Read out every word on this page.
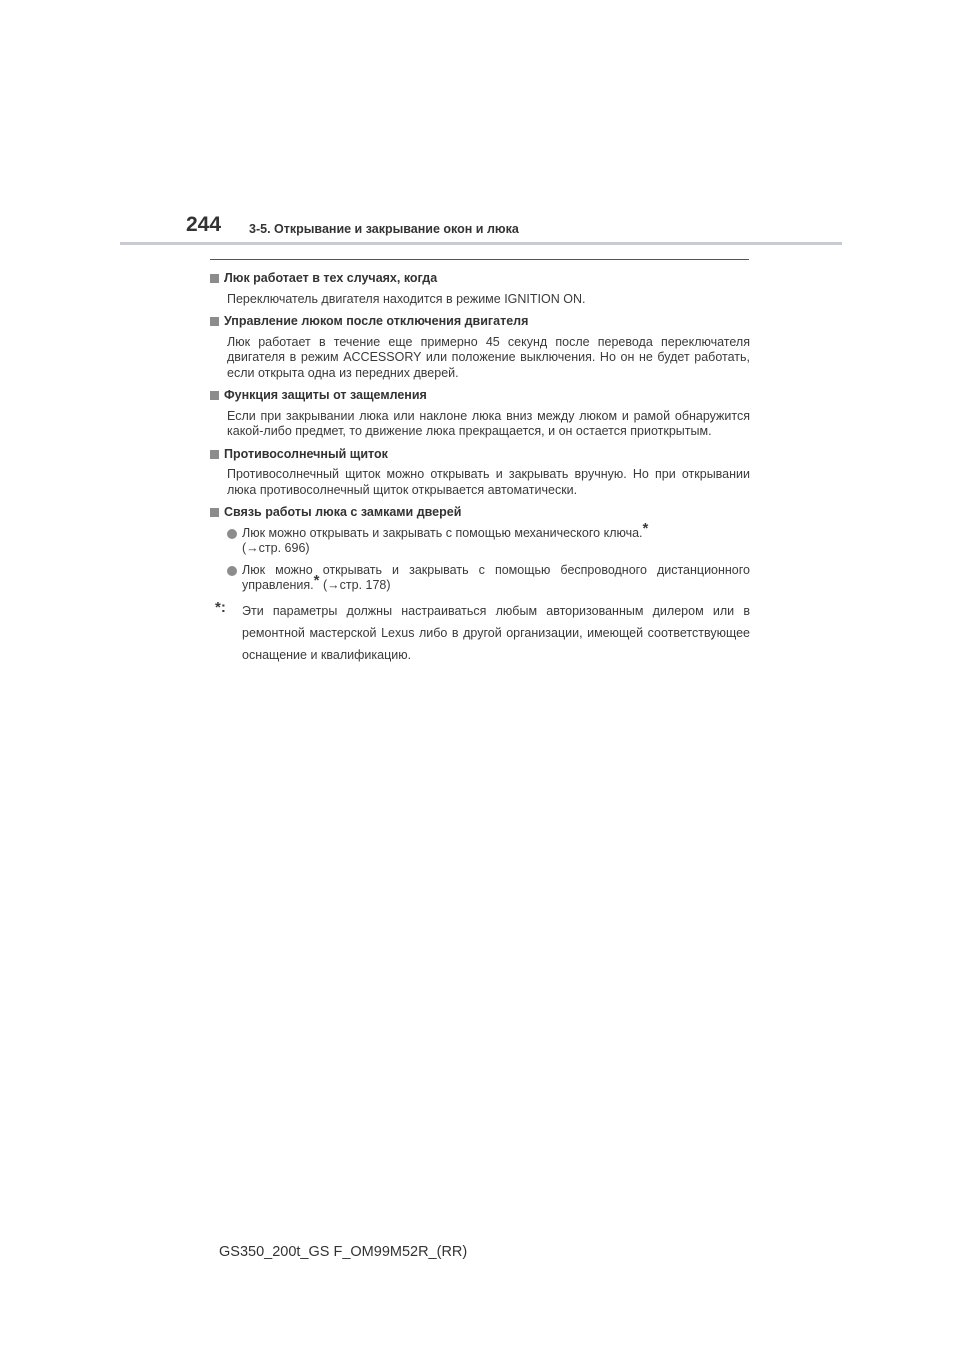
244 3-5. Открывание и закрывание окон и люка
Люк работает в тех случаях, когда
Переключатель двигателя находится в режиме IGNITION ON.
Управление люком после отключения двигателя
Люк работает в течение еще примерно 45 секунд после перевода переключателя двигателя в режим ACCESSORY или положение выключения. Но он не будет работать, если открыта одна из передних дверей.
Функция защиты от защемления
Если при закрывании люка или наклоне люка вниз между люком и рамой обнаружится какой-либо предмет, то движение люка прекращается, и он остается приоткрытым.
Противосолнечный щиток
Противосолнечный щиток можно открывать и закрывать вручную. Но при открывании люка противосолнечный щиток открывается автоматически.
Связь работы люка с замками дверей
Люк можно открывать и закрывать с помощью механического ключа.*
(→стр. 696)
Люк можно открывать и закрывать с помощью беспроводного дистанционного управления.* (→стр. 178)
*:	Эти параметры должны настраиваться любым авторизованным дилером или в ремонтной мастерской Lexus либо в другой организации, имеющей соответствующее оснащение и квалификацию.
GS350_200t_GS F_OM99M52R_(RR)
